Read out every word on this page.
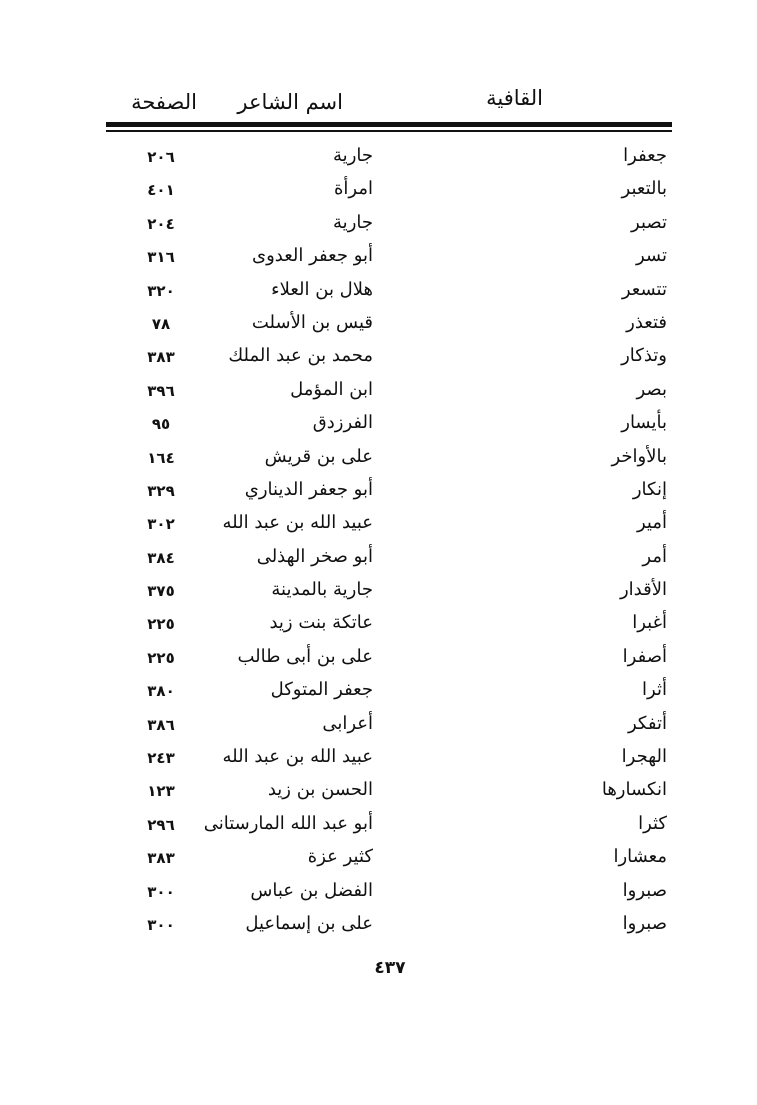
القافية
اسم الشاعر
الصفحة
جعفرا
جارية
٢٠٦
بالتعبر
امرأة
٤٠١
تصبر
جارية
٢٠٤
تسر
أبو جعفر العدوى
٣١٦
تتسعر
هلال بن العلاء
٣٢٠
فتعذر
قيس بن الأسلت
٧٨
وتذكار
محمد بن عبد الملك
٣٨٣
بصر
ابن المؤمل
٣٩٦
بأيسار
الفرزدق
٩٥
بالأواخر
على بن قريش
١٦٤
إنكار
أبو جعفر الديناري
٣٢٩
أمير
عبيد الله بن عبد الله
٣٠٢
أمر
أبو صخر الهذلى
٣٨٤
الأقدار
جارية بالمدينة
٣٧٥
أغبرا
عاتكة بنت زيد
٢٢٥
أصفرا
على بن أبى طالب
٢٢٥
أثرا
جعفر المتوكل
٣٨٠
أتفكر
أعرابى
٣٨٦
الهجرا
عبيد الله بن عبد الله
٢٤٣
انكسارها
الحسن بن زيد
١٢٣
كثرا
أبو عبد الله المارستانى
٢٩٦
معشارا
كثير عزة
٣٨٣
صبروا
الفضل بن عباس
٣٠٠
صبروا
على بن إسماعيل
٣٠٠
٤٣٧
